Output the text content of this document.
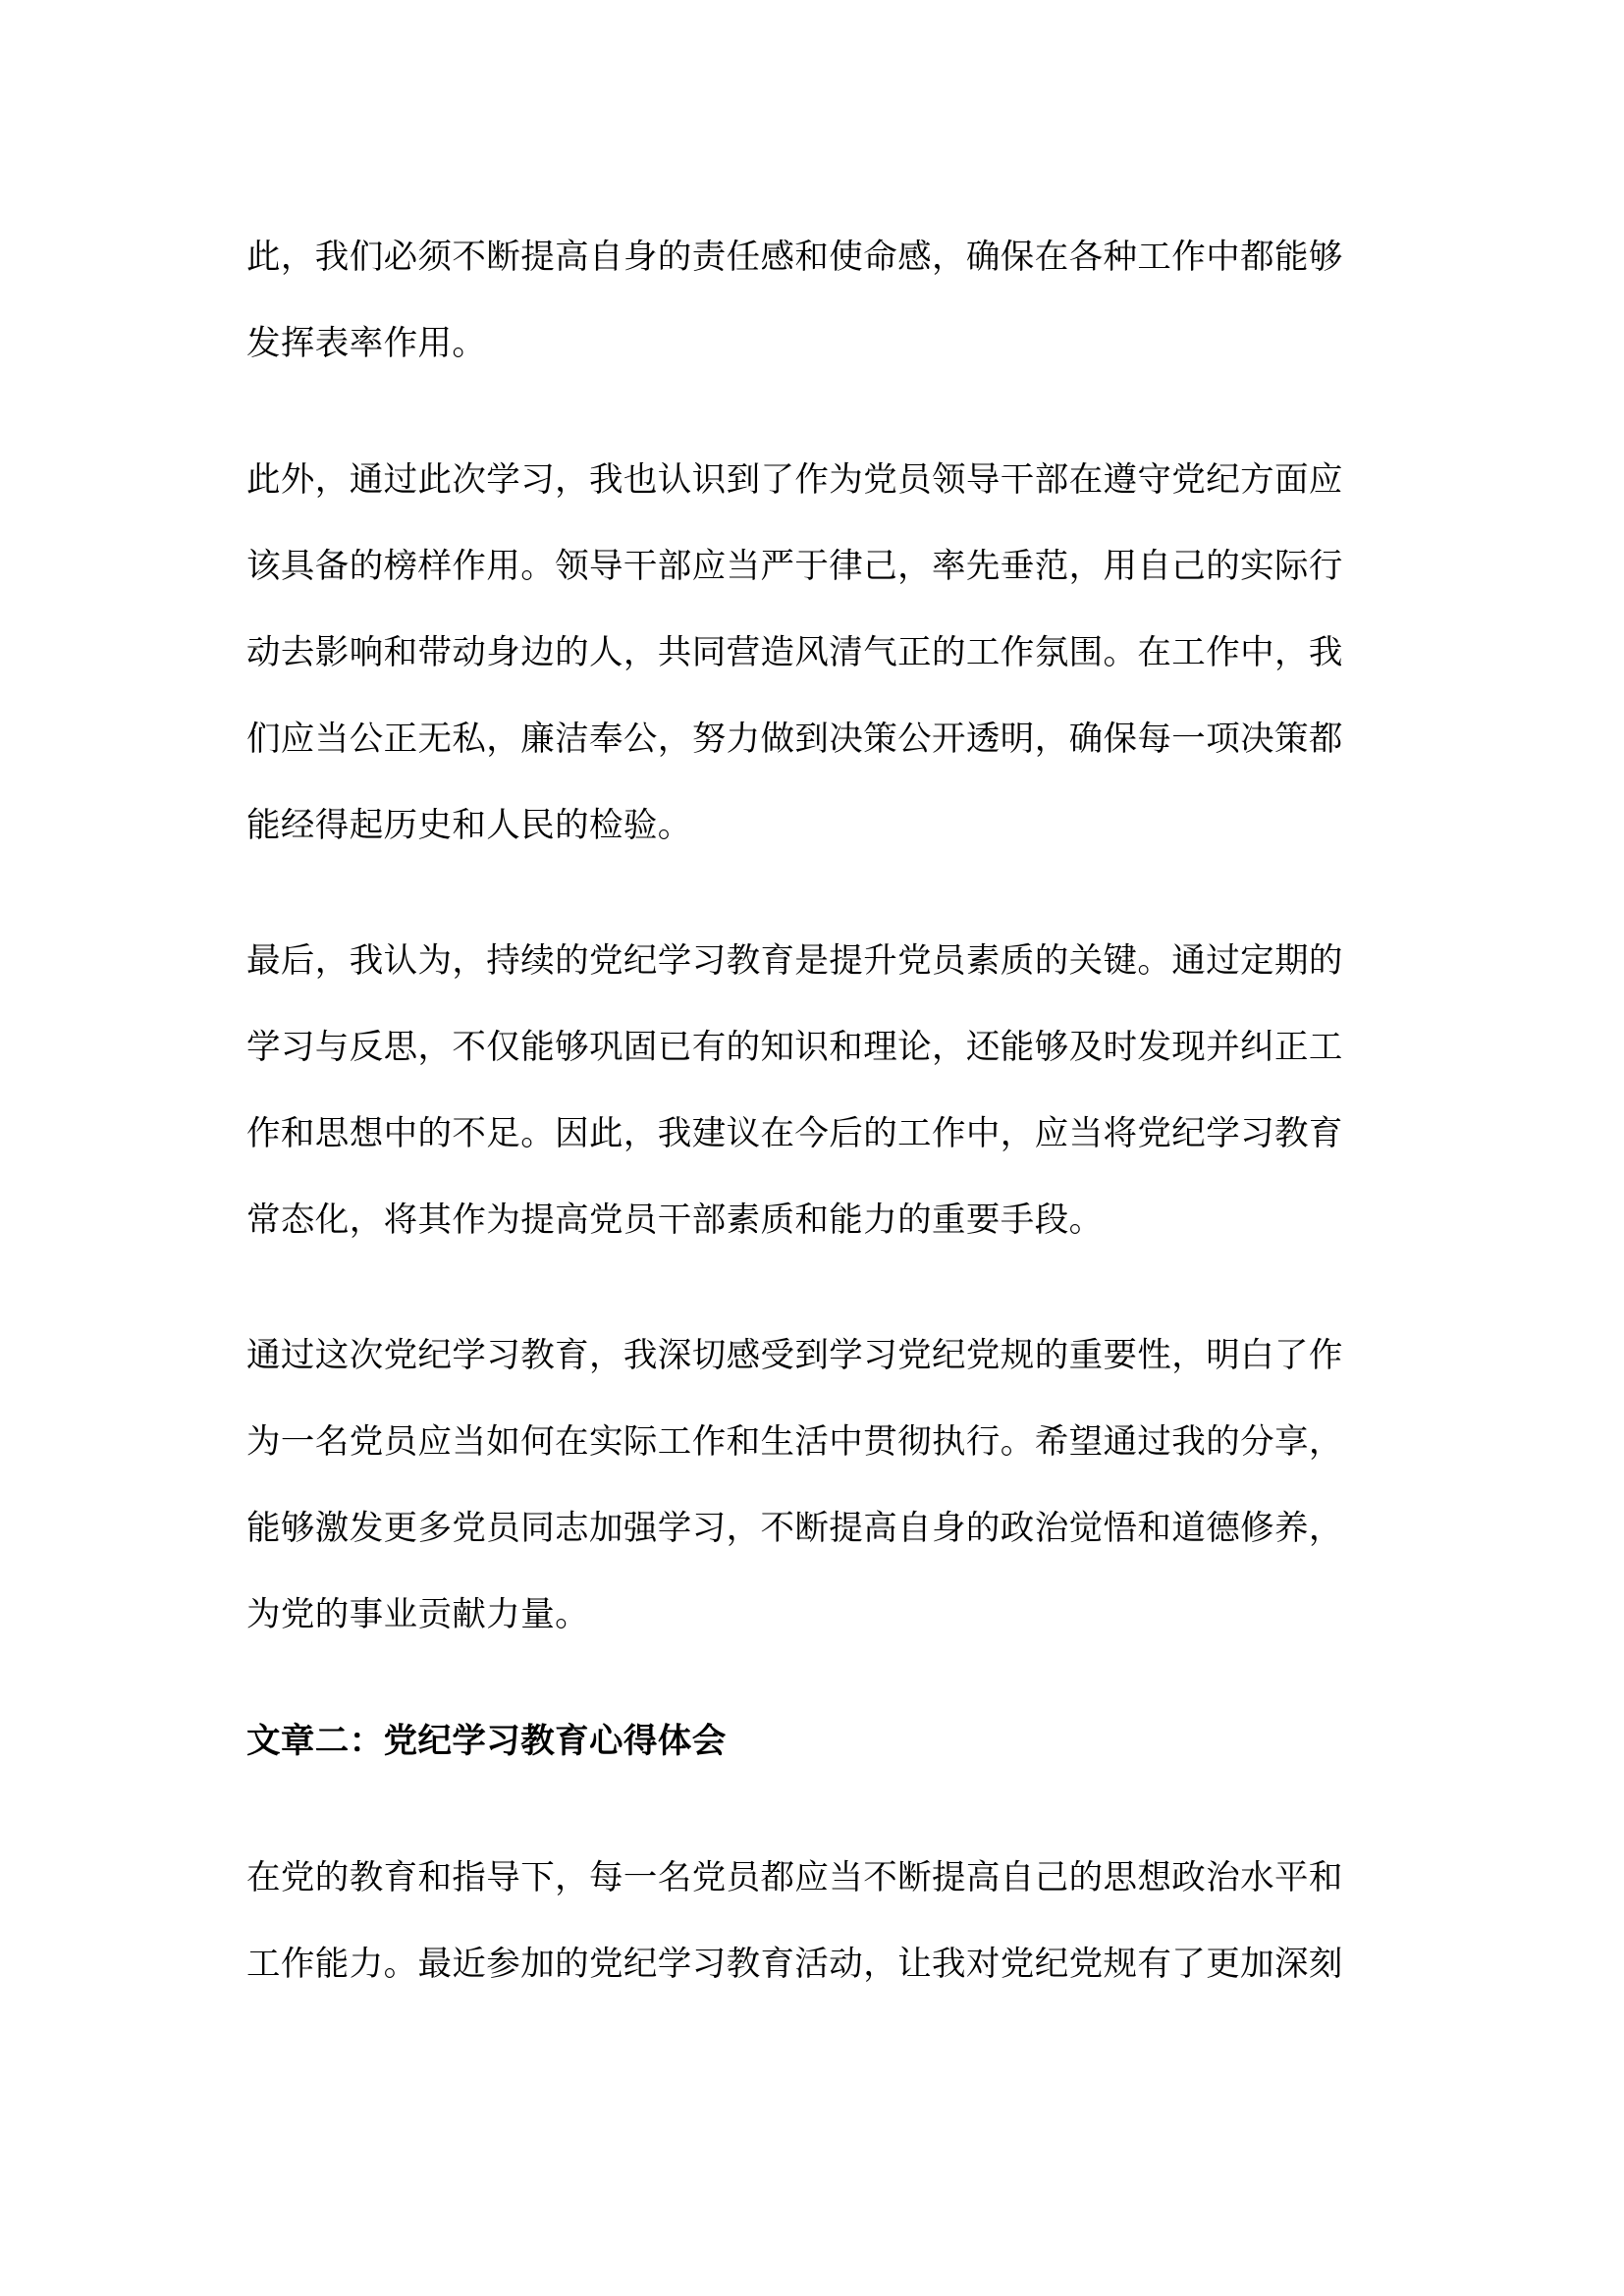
此，我们必须不断提高自身的责任感和使命感，确保在各种工作中都能够
发挥表率作用。
此外，通过此次学习，我也认识到了作为党员领导干部在遵守党纪方面应
该具备的榜样作用。领导干部应当严于律己，率先垂范，用自己的实际行
动去影响和带动身边的人，共同营造风清气正的工作氛围。在工作中，我
们应当公正无私，廉洁奉公，努力做到决策公开透明，确保每一项决策都
能经得起历史和人民的检验。
最后，我认为，持续的党纪学习教育是提升党员素质的关键。通过定期的
学习与反思，不仅能够巩固已有的知识和理论，还能够及时发现并纠正工
作和思想中的不足。因此，我建议在今后的工作中，应当将党纪学习教育
常态化，将其作为提高党员干部素质和能力的重要手段。
通过这次党纪学习教育，我深切感受到学习党纪党规的重要性，明白了作
为一名党员应当如何在实际工作和生活中贯彻执行。希望通过我的分享，
能够激发更多党员同志加强学习，不断提高自身的政治觉悟和道德修养，
为党的事业贡献力量。
文章二：党纪学习教育心得体会
在党的教育和指导下，每一名党员都应当不断提高自己的思想政治水平和
工作能力。最近参加的党纪学习教育活动，让我对党纪党规有了更加深刻
